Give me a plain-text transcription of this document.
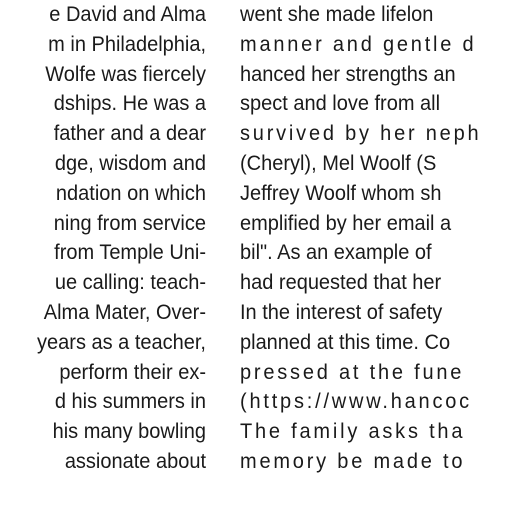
e David and Alma
m in Philadelphia,
Wolfe was fiercely
dships. He was a
father and a dear
dge, wisdom and
ndation on which
ning from service
from Temple Uni-
ue calling: teach-
Alma Mater, Over-
years as a teacher,
perform their ex-
d his summers in
his many bowling
assionate about
went she made lifelon
manner and gentle d
hanced her strengths an
spect and love from all
survived by her neph
(Cheryl), Mel Woolf (S
Jeffrey Woolf whom sh
emplified by her email a
bil". As an example of
had requested that her
In the interest of safety
planned at this time. Co
pressed at the fune
(https://www.hancoc
The family asks tha
memory be made to
